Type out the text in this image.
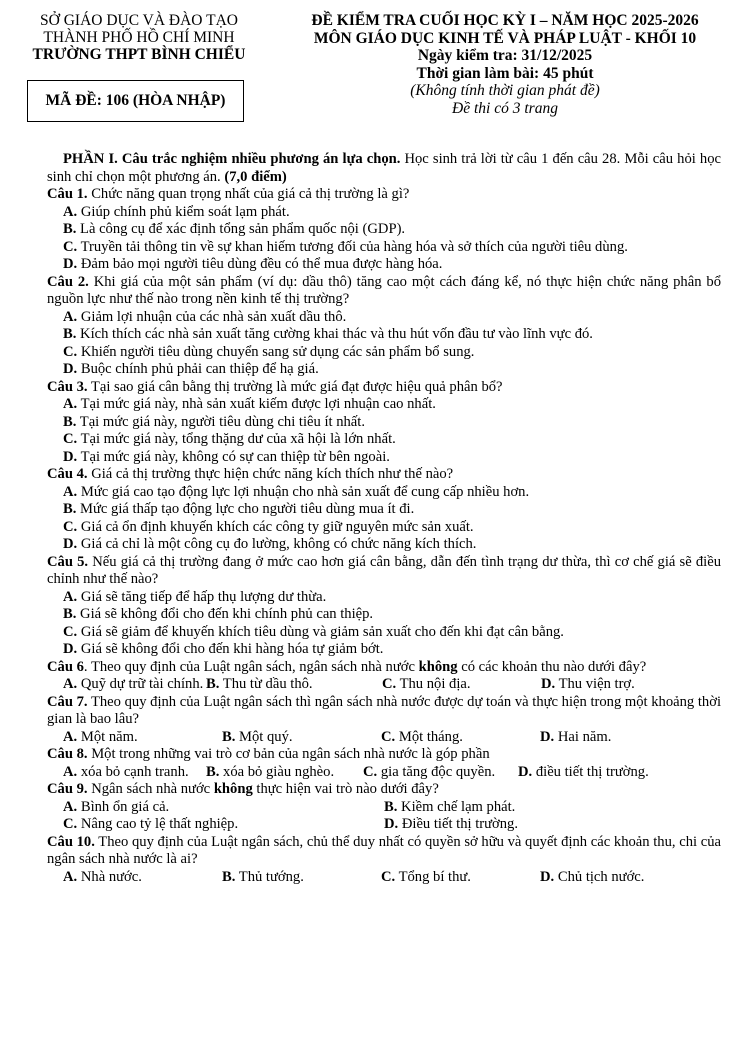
SỞ GIÁO DỤC VÀ ĐÀO TẠO
THÀNH PHỐ HỒ CHÍ MINH
TRƯỜNG THPT BÌNH CHIỂU
MÃ ĐỀ: 106 (HÒA NHẬP)
ĐỀ KIỂM TRA CUỐI HỌC KỲ I – NĂM HỌC 2025-2026
MÔN GIÁO DỤC KINH TẾ VÀ PHÁP LUẬT - KHỐI 10
Ngày kiểm tra: 31/12/2025
Thời gian làm bài: 45 phút
(Không tính thời gian phát đề)
Đề thi có 3 trang

PHẦN I. Câu trắc nghiệm nhiều phương án lựa chọn. Học sinh trả lời từ câu 1 đến câu 28. Mỗi câu hỏi học sinh chỉ chọn một phương án. (7,0 điểm)

Câu 1. Chức năng quan trọng nhất của giá cả thị trường là gì?

A. Giúp chính phủ kiểm soát lạm phát.

B. Là công cụ để xác định tổng sản phẩm quốc nội (GDP).

C. Truyền tải thông tin về sự khan hiếm tương đối của hàng hóa và sở thích của người tiêu dùng.

D. Đảm bảo mọi người tiêu dùng đều có thể mua được hàng hóa.

Câu 2. Khi giá của một sản phẩm (ví dụ: dầu thô) tăng cao một cách đáng kể, nó thực hiện chức năng phân bổ nguồn lực như thế nào trong nền kinh tế thị trường?

A. Giảm lợi nhuận của các nhà sản xuất dầu thô.

B. Kích thích các nhà sản xuất tăng cường khai thác và thu hút vốn đầu tư vào lĩnh vực đó.

C. Khiến người tiêu dùng chuyển sang sử dụng các sản phẩm bổ sung.

D. Buộc chính phủ phải can thiệp để hạ giá.

Câu 3. Tại sao giá cân bằng thị trường là mức giá đạt được hiệu quả phân bổ?

A. Tại mức giá này, nhà sản xuất kiếm được lợi nhuận cao nhất.

B. Tại mức giá này, người tiêu dùng chi tiêu ít nhất.

C. Tại mức giá này, tổng thặng dư của xã hội là lớn nhất.

D. Tại mức giá này, không có sự can thiệp từ bên ngoài.

Câu 4. Giá cả thị trường thực hiện chức năng kích thích như thế nào?

A. Mức giá cao tạo động lực lợi nhuận cho nhà sản xuất để cung cấp nhiều hơn.

B. Mức giá thấp tạo động lực cho người tiêu dùng mua ít đi.

C. Giá cả ổn định khuyến khích các công ty giữ nguyên mức sản xuất.

D. Giá cả chỉ là một công cụ đo lường, không có chức năng kích thích.

Câu 5. Nếu giá cả thị trường đang ở mức cao hơn giá cân bằng, dẫn đến tình trạng dư thừa, thì cơ chế giá sẽ điều chỉnh như thế nào?

A. Giá sẽ tăng tiếp để hấp thụ lượng dư thừa.

B. Giá sẽ không đổi cho đến khi chính phủ can thiệp.

C. Giá sẽ giảm để khuyến khích tiêu dùng và giảm sản xuất cho đến khi đạt cân bằng.

D. Giá sẽ không đổi cho đến khi hàng hóa tự giảm bớt.

Câu 6. Theo quy định của Luật ngân sách, ngân sách nhà nước không có các khoản thu nào dưới đây?

A. Quỹ dự trữ tài chính. B. Thu từ dầu thô.	C. Thu nội địa.	D. Thu viện trợ.

Câu 7. Theo quy định của Luật ngân sách thì ngân sách nhà nước được dự toán và thực hiện trong một khoảng thời gian là bao lâu?

A. Một năm.	B. Một quý.	C. Một tháng.	D. Hai năm.

Câu 8. Một trong những vai trò cơ bản của ngân sách nhà nước là góp phần

A. xóa bỏ cạnh tranh.	B. xóa bỏ giàu nghèo.	C. gia tăng độc quyền.	D. điều tiết thị trường.

Câu 9. Ngân sách nhà nước không thực hiện vai trò nào dưới đây?

A. Bình ổn giá cả.	B. Kiềm chế lạm phát.
C. Nâng cao tỷ lệ thất nghiệp.	D. Điều tiết thị trường.

Câu 10. Theo quy định của Luật ngân sách, chủ thể duy nhất có quyền sở hữu và quyết định các khoản thu, chi của ngân sách nhà nước là ai?

A. Nhà nước.	B. Thủ tướng.	C. Tổng bí thư.	D. Chủ tịch nước.
